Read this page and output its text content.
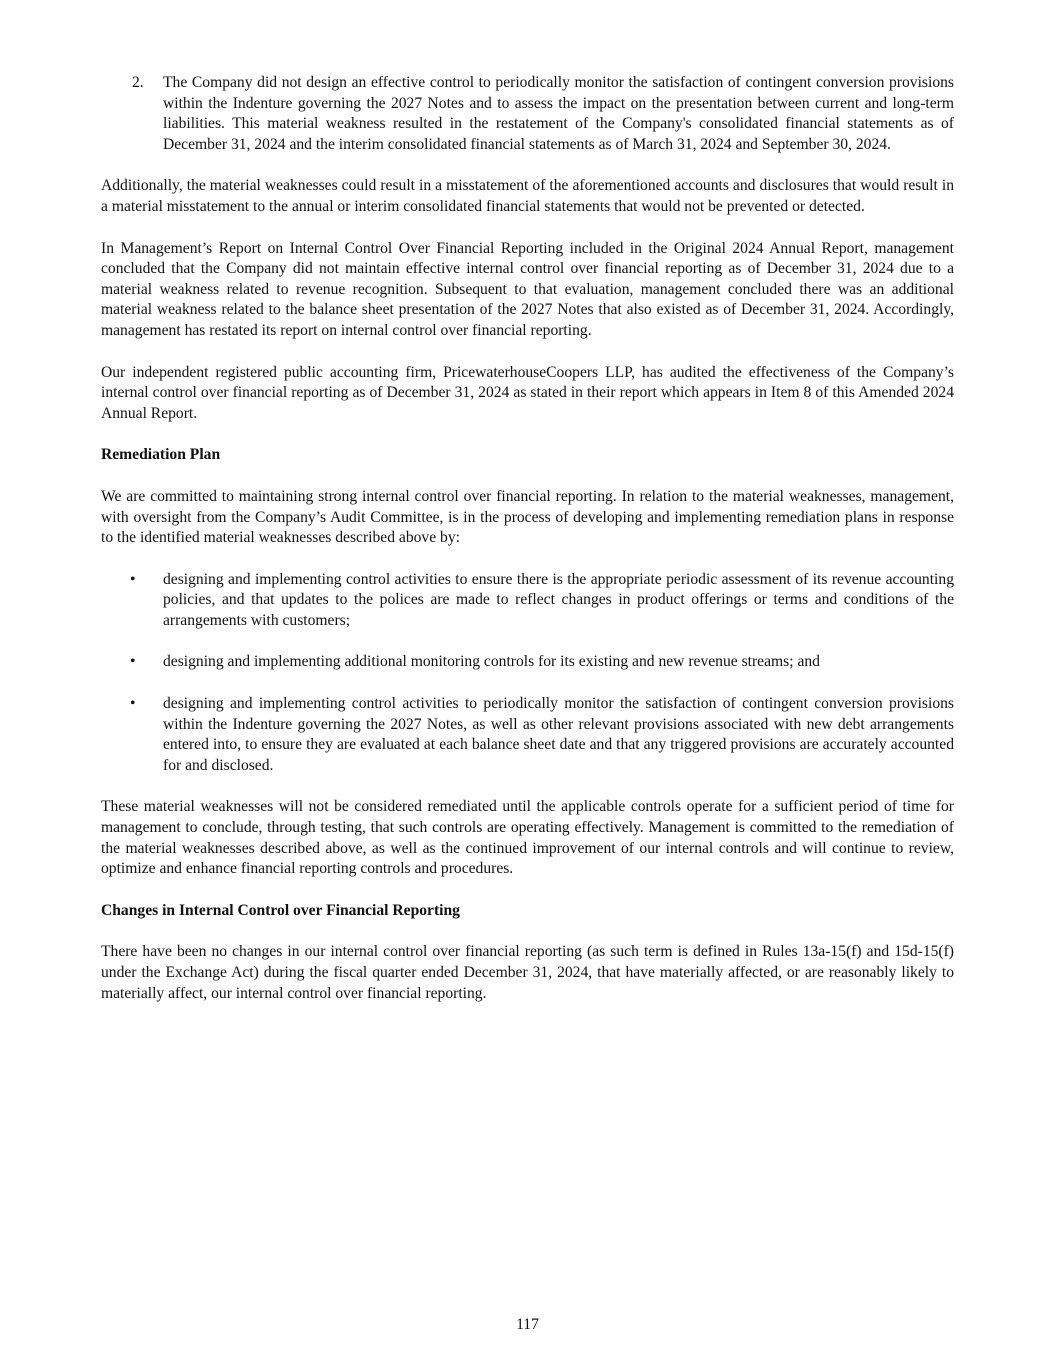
2. The Company did not design an effective control to periodically monitor the satisfaction of contingent conversion provisions within the Indenture governing the 2027 Notes and to assess the impact on the presentation between current and long-term liabilities. This material weakness resulted in the restatement of the Company's consolidated financial statements as of December 31, 2024 and the interim consolidated financial statements as of March 31, 2024 and September 30, 2024.

Additionally, the material weaknesses could result in a misstatement of the aforementioned accounts and disclosures that would result in a material misstatement to the annual or interim consolidated financial statements that would not be prevented or detected.

In Management’s Report on Internal Control Over Financial Reporting included in the Original 2024 Annual Report, management concluded that the Company did not maintain effective internal control over financial reporting as of December 31, 2024 due to a material weakness related to revenue recognition. Subsequent to that evaluation, management concluded there was an additional material weakness related to the balance sheet presentation of the 2027 Notes that also existed as of December 31, 2024. Accordingly, management has restated its report on internal control over financial reporting.

Our independent registered public accounting firm, PricewaterhouseCoopers LLP, has audited the effectiveness of the Company’s internal control over financial reporting as of December 31, 2024 as stated in their report which appears in Item 8 of this Amended 2024 Annual Report.

Remediation Plan

We are committed to maintaining strong internal control over financial reporting. In relation to the material weaknesses, management, with oversight from the Company’s Audit Committee, is in the process of developing and implementing remediation plans in response to the identified material weaknesses described above by:

• designing and implementing control activities to ensure there is the appropriate periodic assessment of its revenue accounting policies, and that updates to the polices are made to reflect changes in product offerings or terms and conditions of the arrangements with customers;
• designing and implementing additional monitoring controls for its existing and new revenue streams; and
• designing and implementing control activities to periodically monitor the satisfaction of contingent conversion provisions within the Indenture governing the 2027 Notes, as well as other relevant provisions associated with new debt arrangements entered into, to ensure they are evaluated at each balance sheet date and that any triggered provisions are accurately accounted for and disclosed.

These material weaknesses will not be considered remediated until the applicable controls operate for a sufficient period of time for management to conclude, through testing, that such controls are operating effectively. Management is committed to the remediation of the material weaknesses described above, as well as the continued improvement of our internal controls and will continue to review, optimize and enhance financial reporting controls and procedures.

Changes in Internal Control over Financial Reporting

There have been no changes in our internal control over financial reporting (as such term is defined in Rules 13a-15(f) and 15d-15(f) under the Exchange Act) during the fiscal quarter ended December 31, 2024, that have materially affected, or are reasonably likely to materially affect, our internal control over financial reporting.

117
